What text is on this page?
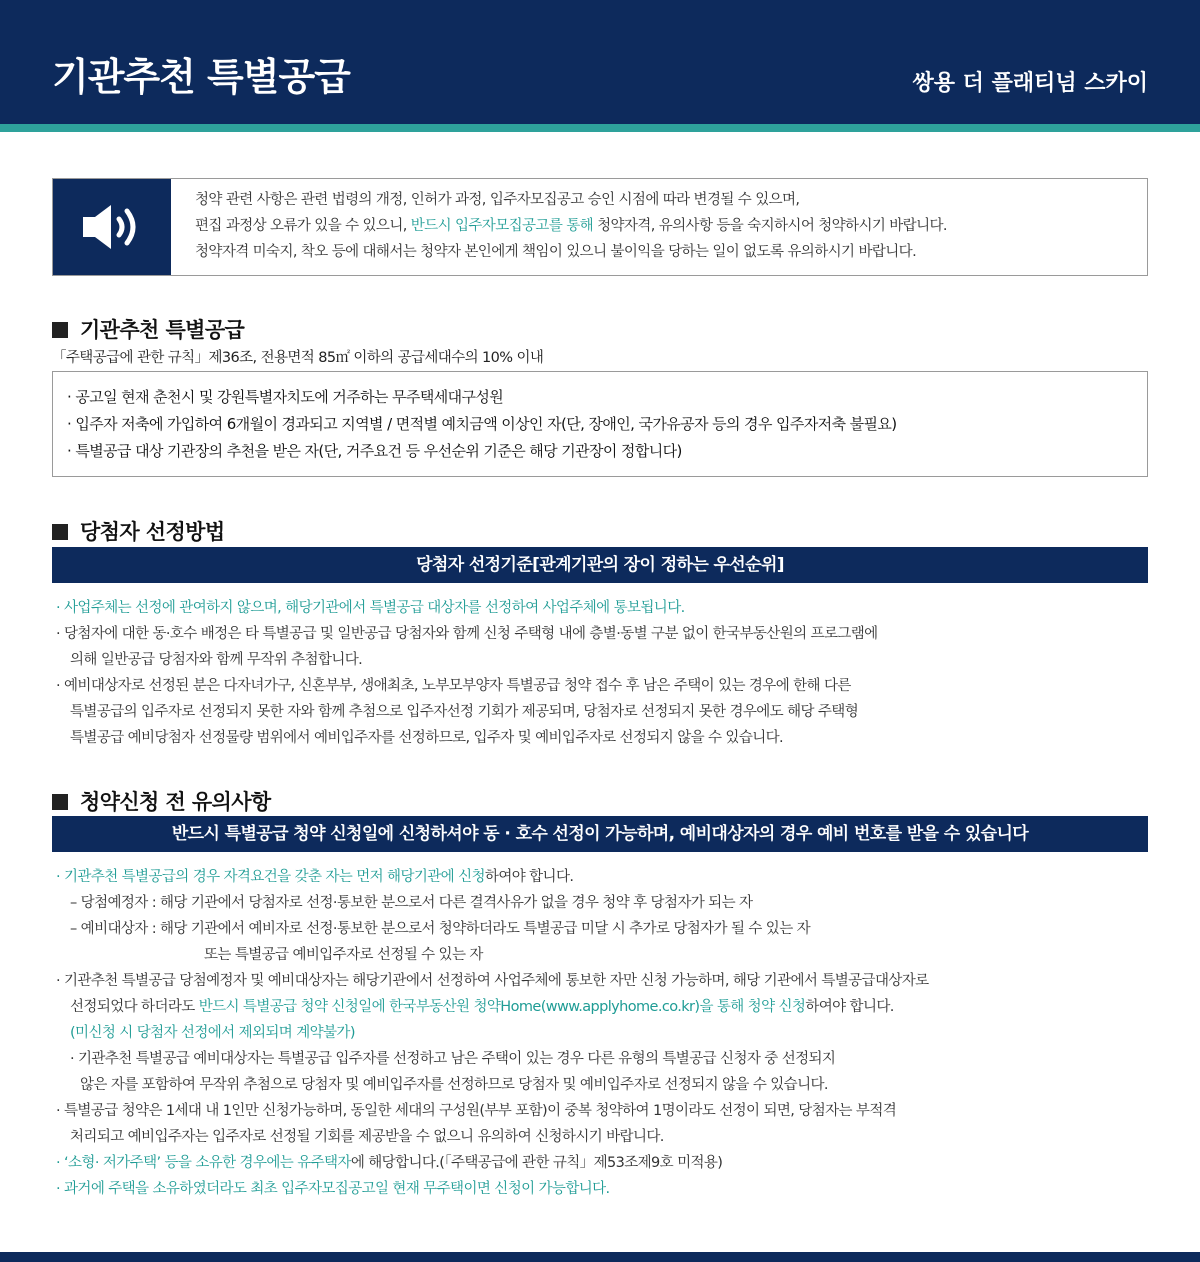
기관추천 특별공급	쌍용 더 플래티넘 스카이
청약 관련 사항은 관련 법령의 개정, 인허가 과정, 입주자모집공고 승인 시점에 따라 변경될 수 있으며,
편집 과정상 오류가 있을 수 있으니, 반드시 입주자모집공고를 통해 청약자격, 유의사항 등을 숙지하시어 청약하시기 바랍니다.
청약자격 미숙지, 착오 등에 대해서는 청약자 본인에게 책임이 있으니 불이익을 당하는 일이 없도록 유의하시기 바랍니다.
기관추천 특별공급
「주택공급에 관한 규칙」제36조, 전용면적 85㎡ 이하의 공급세대수의 10% 이내
· 공고일 현재 춘천시 및 강원특별자치도에 거주하는 무주택세대구성원
· 입주자 저축에 가입하여 6개월이 경과되고 지역별 / 면적별 예치금액 이상인 자(단, 장애인, 국가유공자 등의 경우 입주자저축 불필요)
· 특별공급 대상 기관장의 추천을 받은 자(단, 거주요건 등 우선순위 기준은 해당 기관장이 정합니다)
당첨자 선정방법
당첨자 선정기준[관계기관의 장이 정하는 우선순위]
· 사업주체는 선정에 관여하지 않으며, 해당기관에서 특별공급 대상자를 선정하여 사업주체에 통보됩니다.
· 당첨자에 대한 동·호수 배정은 타 특별공급 및 일반공급 당첨자와 함께 신청 주택형 내에 층별·동별 구분 없이 한국부동산원의 프로그램에
의해 일반공급 당첨자와 함께 무작위 추첨합니다.
· 예비대상자로 선정된 분은 다자녀가구, 신혼부부, 생애최초, 노부모부양자 특별공급 청약 접수 후 남은 주택이 있는 경우에 한해 다른
특별공급의 입주자로 선정되지 못한 자와 함께 추첨으로 입주자선정 기회가 제공되며, 당첨자로 선정되지 못한 경우에도 해당 주택형
특별공급 예비당첨자 선정물량 범위에서 예비입주자를 선정하므로, 입주자 및 예비입주자로 선정되지 않을 수 있습니다.
청약신청 전 유의사항
반드시 특별공급 청약 신청일에 신청하셔야 동 · 호수 선정이 가능하며, 예비대상자의 경우 예비 번호를 받을 수 있습니다
· 기관추천 특별공급의 경우 자격요건을 갖춘 자는 먼저 해당기관에 신청하여야 합니다.
– 당첨예정자 : 해당 기관에서 당첨자로 선정·통보한 분으로서 다른 결격사유가 없을 경우 청약 후 당첨자가 되는 자
– 예비대상자 : 해당 기관에서 예비자로 선정·통보한 분으로서 청약하더라도 특별공급 미달 시 추가로 당첨자가 될 수 있는 자
또는 특별공급 예비입주자로 선정될 수 있는 자
· 기관추천 특별공급 당첨예정자 및 예비대상자는 해당기관에서 선정하여 사업주체에 통보한 자만 신청 가능하며, 해당 기관에서 특별공급대상자로
선정되었다 하더라도 반드시 특별공급 청약 신청일에 한국부동산원 청약Home(www.applyhome.co.kr)을 통해 청약 신청하여야 합니다.
(미신청 시 당첨자 선정에서 제외되며 계약불가)
· 기관추천 특별공급 예비대상자는 특별공급 입주자를 선정하고 남은 주택이 있는 경우 다른 유형의 특별공급 신청자 중 선정되지
않은 자를 포함하여 무작위 추첨으로 당첨자 및 예비입주자를 선정하므로 당첨자 및 예비입주자로 선정되지 않을 수 있습니다.
· 특별공급 청약은 1세대 내 1인만 신청가능하며, 동일한 세대의 구성원(부부 포함)이 중복 청약하여 1명이라도 선정이 되면, 당첨자는 부적격
처리되고 예비입주자는 입주자로 선정될 기회를 제공받을 수 없으니 유의하여 신청하시기 바랍니다.
· ‘소형· 저가주택’ 등을 소유한 경우에는 유주택자에 해당합니다.(「주택공급에 관한 규칙」제53조제9호 미적용)
· 과거에 주택을 소유하였더라도 최초 입주자모집공고일 현재 무주택이면 신청이 가능합니다.
